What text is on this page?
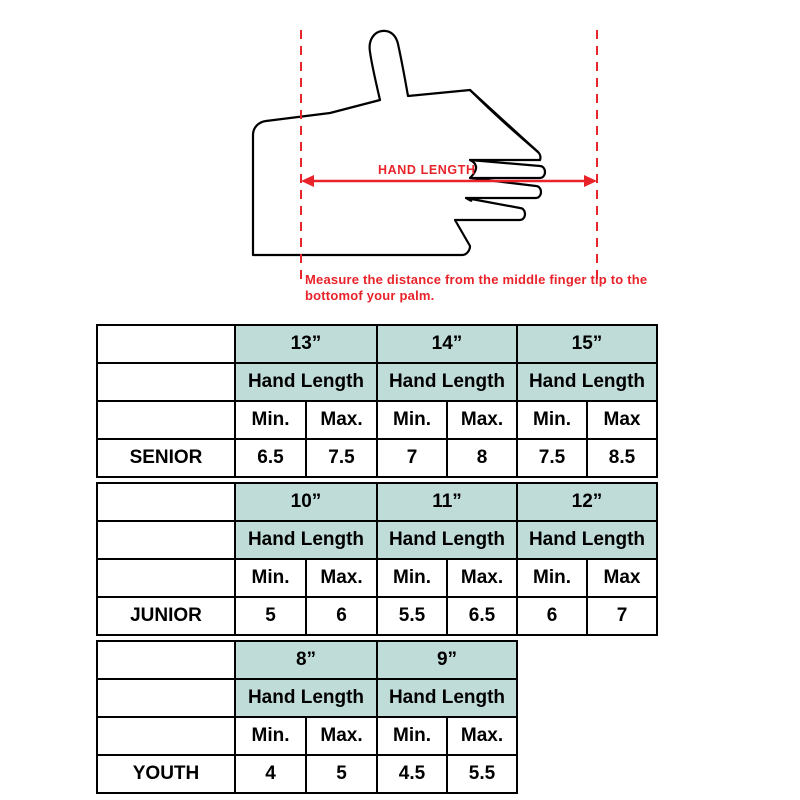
HAND LENGTH
Measure the distance from the middle finger tip to the bottomof your palm.
	13”		14”		15”	
	Hand Length		Hand Length		Hand Length	
	Min.	Max.	Min.	Max.	Min.	Max
SENIOR	6.5	7.5	7	8	7.5	8.5
	10”		11”		12”	
	Hand Length		Hand Length		Hand Length	
	Min.	Max.	Min.	Max.	Min.	Max
JUNIOR	5	6	5.5	6.5	6	7
	8”		9”	
	Hand Length		Hand Length	
	Min.	Max.	Min.	Max.
YOUTH	4	5	4.5	5.5
